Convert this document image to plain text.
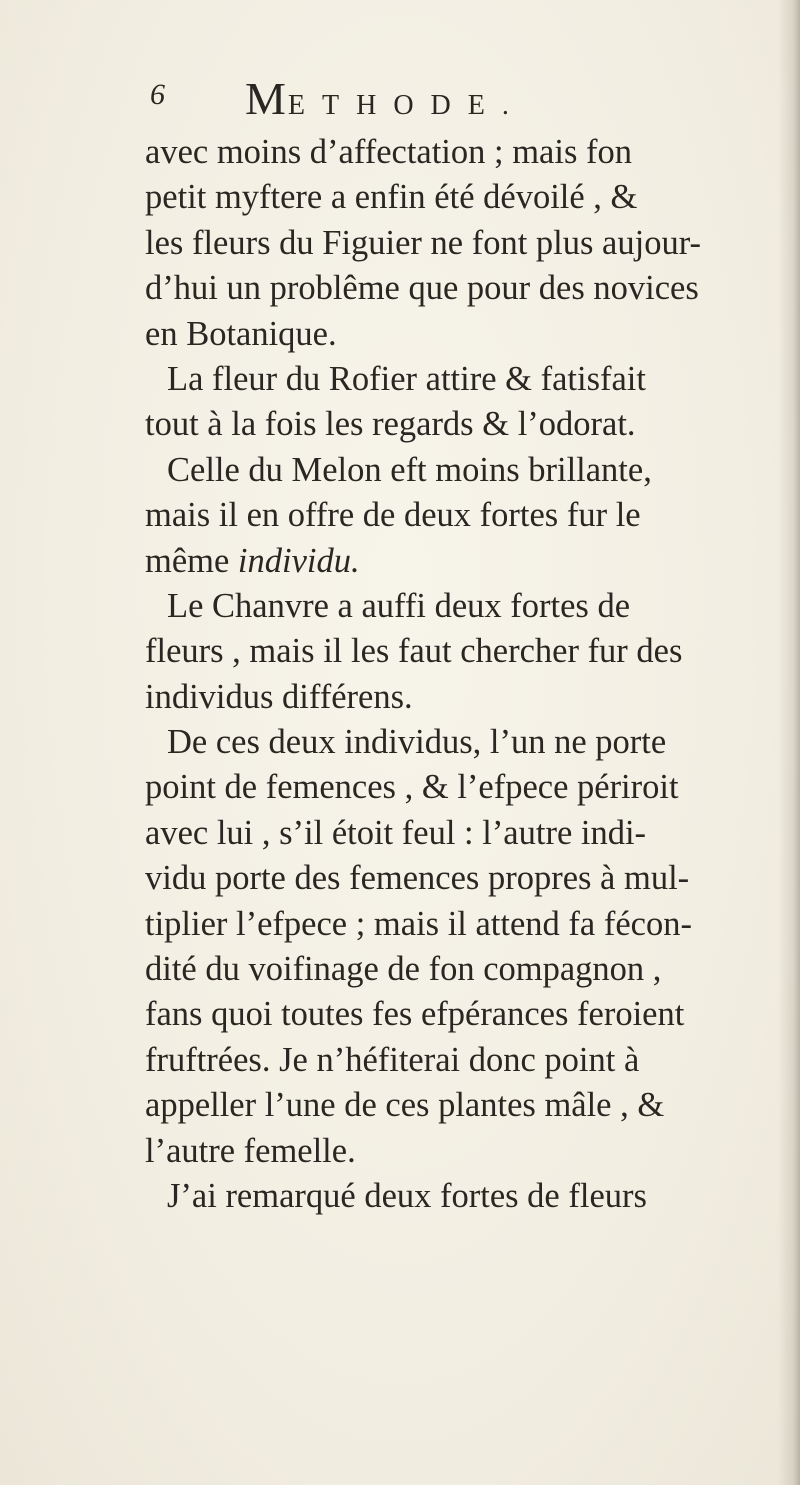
6 METHODE.
avec moins d’affectation ; mais fon
petit myftere a enfin été dévoilé , &
les fleurs du Figuier ne font plus aujour-
d’hui un problême que pour des novices
en Botanique.
La fleur du Rofier attire & fatisfait
tout à la fois les regards & l’odorat.
Celle du Melon eft moins brillante,
mais il en offre de deux fortes fur le
même individu.
Le Chanvre a auffi deux fortes de
fleurs , mais il les faut chercher fur des
individus différens.
De ces deux individus, l’un ne porte
point de femences , & l’efpece périroit
avec lui , s’il étoit feul : l’autre indi-
vidu porte des femences propres à mul-
tiplier l’efpece ; mais il attend fa fécon-
dité du voifinage de fon compagnon ,
fans quoi toutes fes efpérances feroient
fruftrées. Je n’héfiterai donc point à
appeller l’une de ces plantes mâle , &
l’autre femelle.
J’ai remarqué deux fortes de fleurs
